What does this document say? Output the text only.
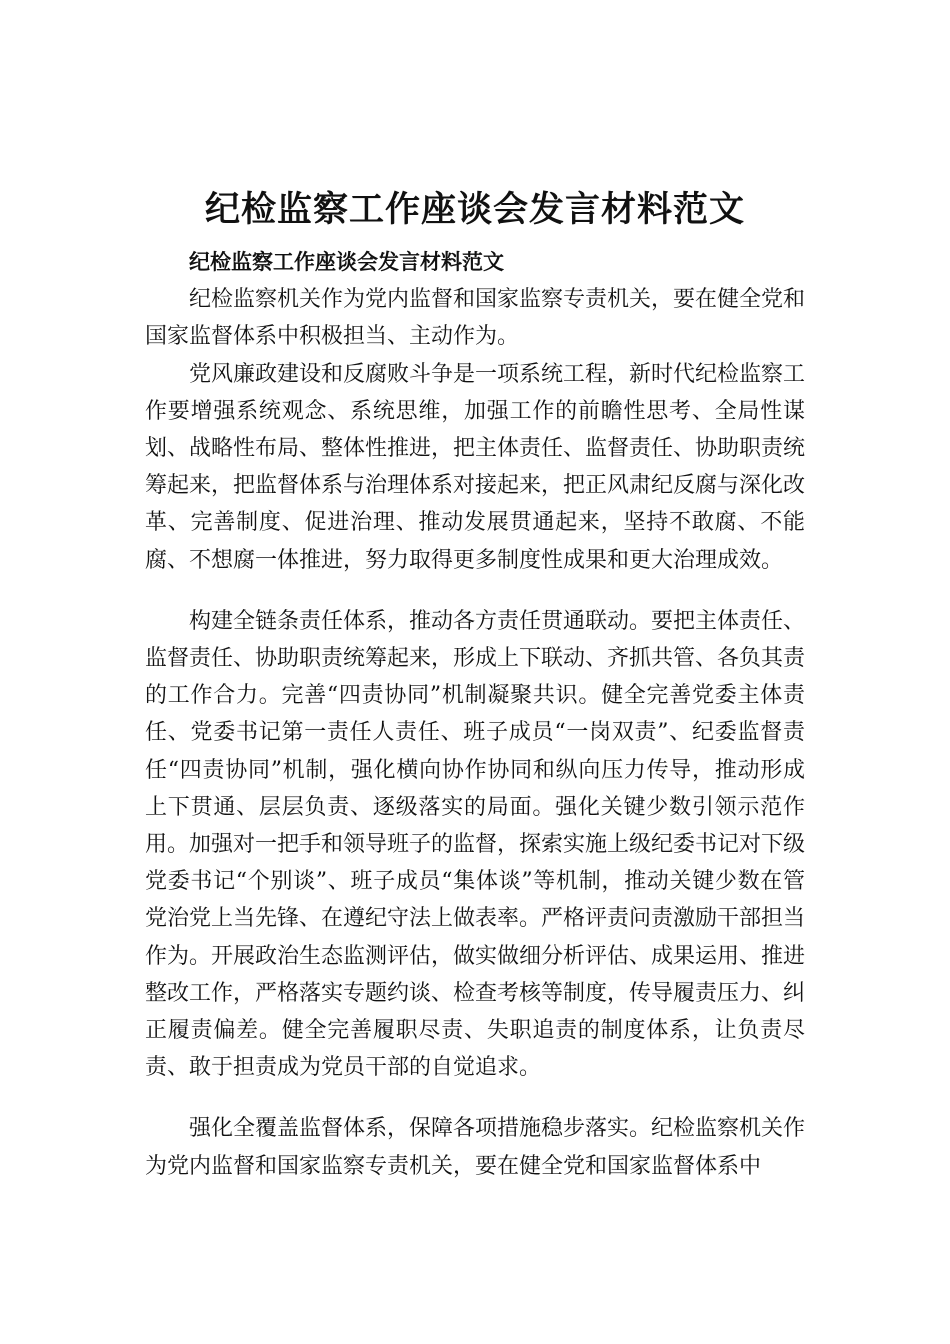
纪检监察工作座谈会发言材料范文

纪检监察工作座谈会发言材料范文

纪检监察机关作为党内监督和国家监察专责机关，要在健全党和国家监督体系中积极担当、主动作为。

党风廉政建设和反腐败斗争是一项系统工程，新时代纪检监察工作要增强系统观念、系统思维，加强工作的前瞻性思考、全局性谋划、战略性布局、整体性推进，把主体责任、监督责任、协助职责统筹起来，把监督体系与治理体系对接起来，把正风肃纪反腐与深化改革、完善制度、促进治理、推动发展贯通起来，坚持不敢腐、不能腐、不想腐一体推进，努力取得更多制度性成果和更大治理成效。

构建全链条责任体系，推动各方责任贯通联动。要把主体责任、监督责任、协助职责统筹起来，形成上下联动、齐抓共管、各负其责的工作合力。完善“四责协同”机制凝聚共识。健全完善党委主体责任、党委书记第一责任人责任、班子成员“一岗双责”、纪委监督责任“四责协同”机制，强化横向协作协同和纵向压力传导，推动形成上下贯通、层层负责、逐级落实的局面。强化关键少数引领示范作用。加强对一把手和领导班子的监督，探索实施上级纪委书记对下级党委书记“个别谈”、班子成员“集体谈”等机制，推动关键少数在管党治党上当先锋、在遵纪守法上做表率。严格评责问责激励干部担当作为。开展政治生态监测评估，做实做细分析评估、成果运用、推进整改工作，严格落实专题约谈、检查考核等制度，传导履责压力、纠正履责偏差。健全完善履职尽责、失职追责的制度体系，让负责尽责、敢于担责成为党员干部的自觉追求。

强化全覆盖监督体系，保障各项措施稳步落实。纪检监察机关作为党内监督和国家监察专责机关，要在健全党和国家监督体系中
